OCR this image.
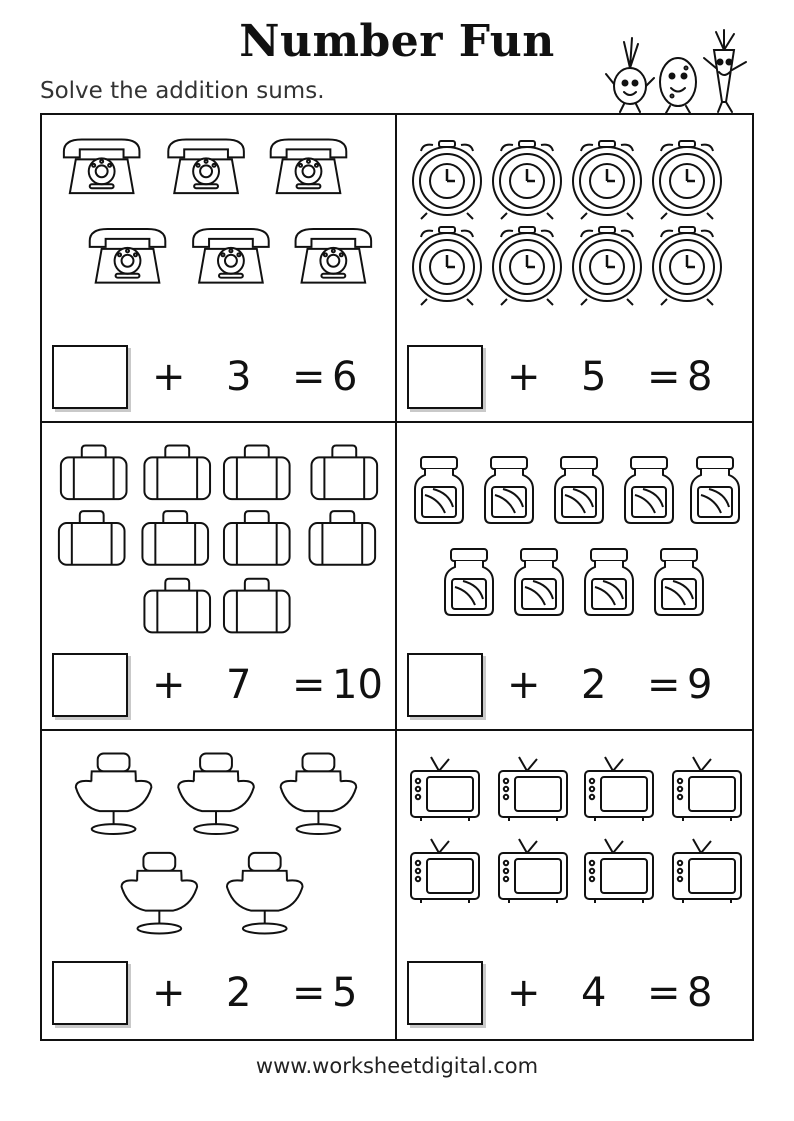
Number Fun
Solve the addition sums.
+ 3 = 6	+ 5 = 8
+ 7 = 10	+ 2 = 9
+ 2 = 5	+ 4 = 8
www.worksheetdigital.com
